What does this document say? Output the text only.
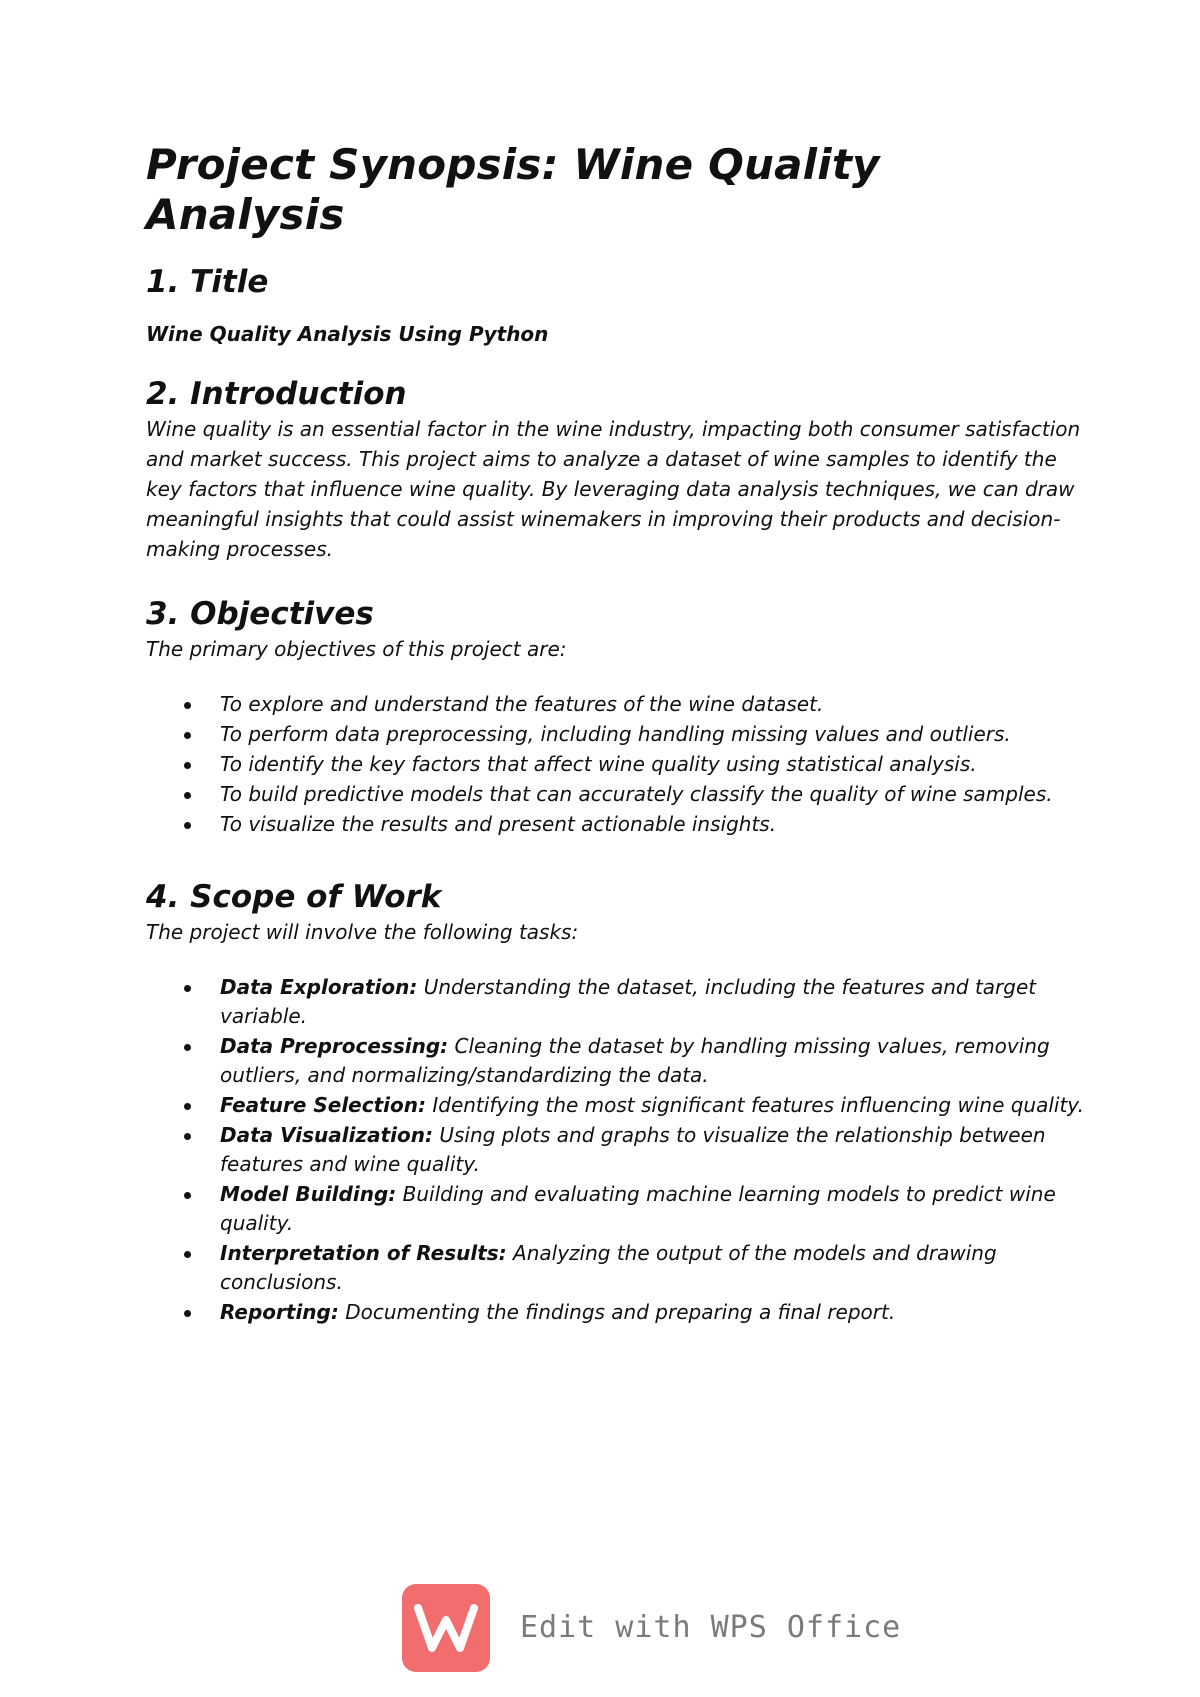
Project Synopsis: Wine Quality Analysis
1. Title
Wine Quality Analysis Using Python
2. Introduction

Wine quality is an essential factor in the wine industry, impacting both consumer satisfaction and market success. This project aims to analyze a dataset of wine samples to identify the key factors that influence wine quality. By leveraging data analysis techniques, we can draw meaningful insights that could assist winemakers in improving their products and decision-making processes.

3. Objectives

The primary objectives of this project are:

To explore and understand the features of the wine dataset.
To perform data preprocessing, including handling missing values and outliers.
To identify the key factors that affect wine quality using statistical analysis.
To build predictive models that can accurately classify the quality of wine samples.
To visualize the results and present actionable insights.
4. Scope of Work

The project will involve the following tasks:

Data Exploration: Understanding the dataset, including the features and target variable.
Data Preprocessing: Cleaning the dataset by handling missing values, removing outliers, and normalizing/standardizing the data.
Feature Selection: Identifying the most significant features influencing wine quality.
Data Visualization: Using plots and graphs to visualize the relationship between features and wine quality.
Model Building: Building and evaluating machine learning models to predict wine quality.
Interpretation of Results: Analyzing the output of the models and drawing conclusions.
Reporting: Documenting the findings and preparing a final report.
Edit with WPS Office
